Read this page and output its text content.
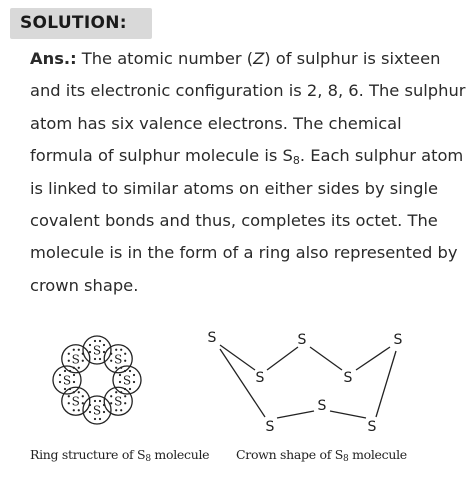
SOLUTION:

Ans.: The atomic number (Z) of sulphur is sixteen and its electronic configuration is 2, 8, 6. The sulphur atom has six valence electrons. The chemical formula of sulphur molecule is $S_8$. Each sulphur atom is linked to similar atoms on either sides by single covalent bonds and thus, completes its octet. The molecule is in the form of a ring also represented by crown shape.

S
S
S
S
S
S
S
S
S
S
S
S
S
S
S
S
Ring structure of $S_8$ molecule Crown shape of $S_8$ molecule
